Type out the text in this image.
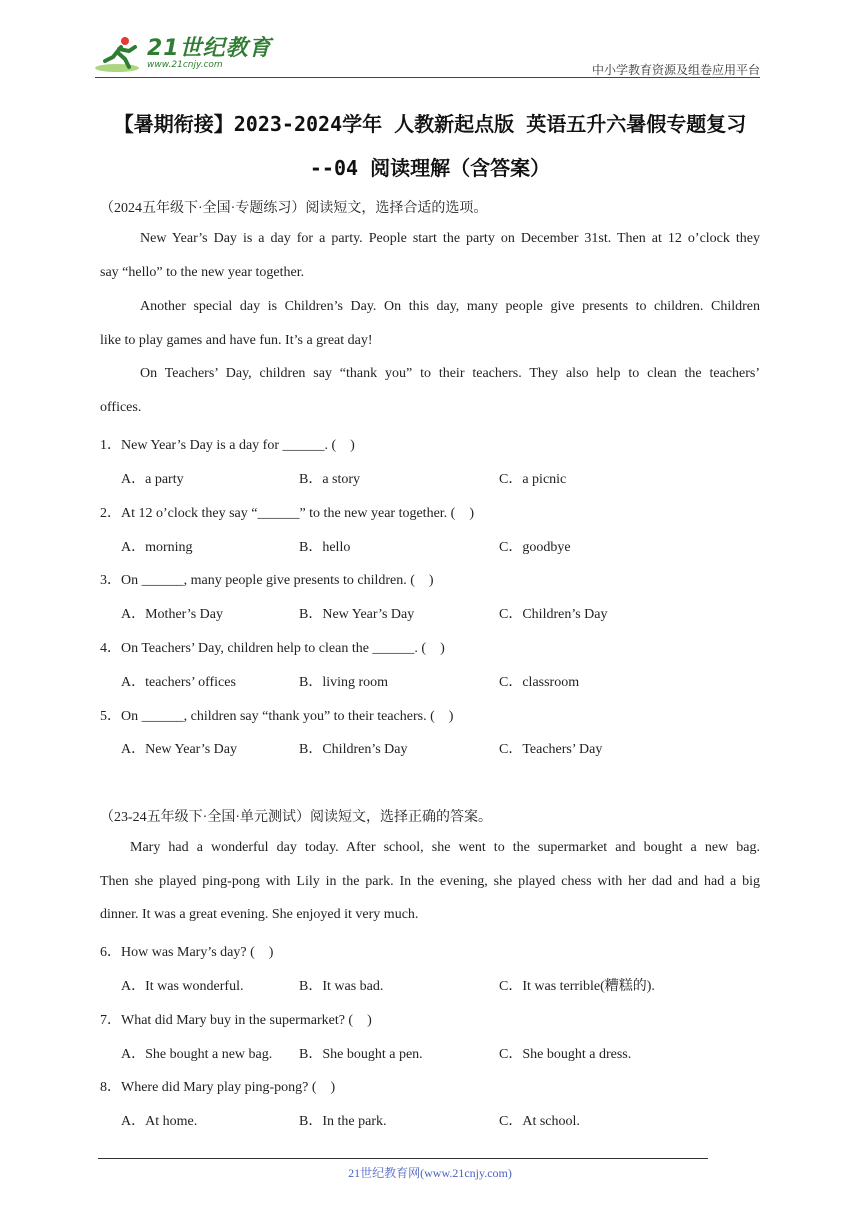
21世纪教育
www.21cnjy.com	中小学教育资源及组卷应用平台
【暑期衔接】2023-2024学年 人教新起点版 英语五升六暑假专题复习
--04 阅读理解（含答案）
（2024五年级下·全国·专题练习）阅读短文，选择合适的选项。
New Year’s Day is a day for a party. People start the party on December 31st. Then at 12 o’clock they
say “hello” to the new year together.
Another special day is Children’s Day. On this day, many people give presents to children. Children
like to play games and have fun. It’s a great day!
On Teachers’ Day, children say “thank you” to their teachers. They also help to clean the teachers’
offices.
1．New Year’s Day is a day for ______. (    )
A．a party	B．a story	C．a picnic
2．At 12 o’clock they say “______” to the new year together. (    )
A．morning	B．hello	C．goodbye
3．On ______, many people give presents to children. (    )
A．Mother’s Day	B．New Year’s Day	C．Children’s Day
4．On Teachers’ Day, children help to clean the ______. (    )
A．teachers’ offices	B．living room	C．classroom
5．On ______, children say “thank you” to their teachers. (    )
A．New Year’s Day	B．Children’s Day	C．Teachers’ Day
（23-24五年级下·全国·单元测试）阅读短文，选择正确的答案。
Mary had a wonderful day today. After school, she went to the supermarket and bought a new bag.
Then she played ping-pong with Lily in the park. In the evening, she played chess with her dad and had a big
dinner. It was a great evening. She enjoyed it very much.
6．How was Mary’s day? (    )
A．It was wonderful.	B．It was bad.	C．It was terrible(糟糕的).
7．What did Mary buy in the supermarket? (    )
A．She bought a new bag. B．She bought a pen.	C．She bought a dress.
8．Where did Mary play ping-pong? (    )
A．At home.	B．In the park.	C．At school.
21世纪教育网(www.21cnjy.com)
